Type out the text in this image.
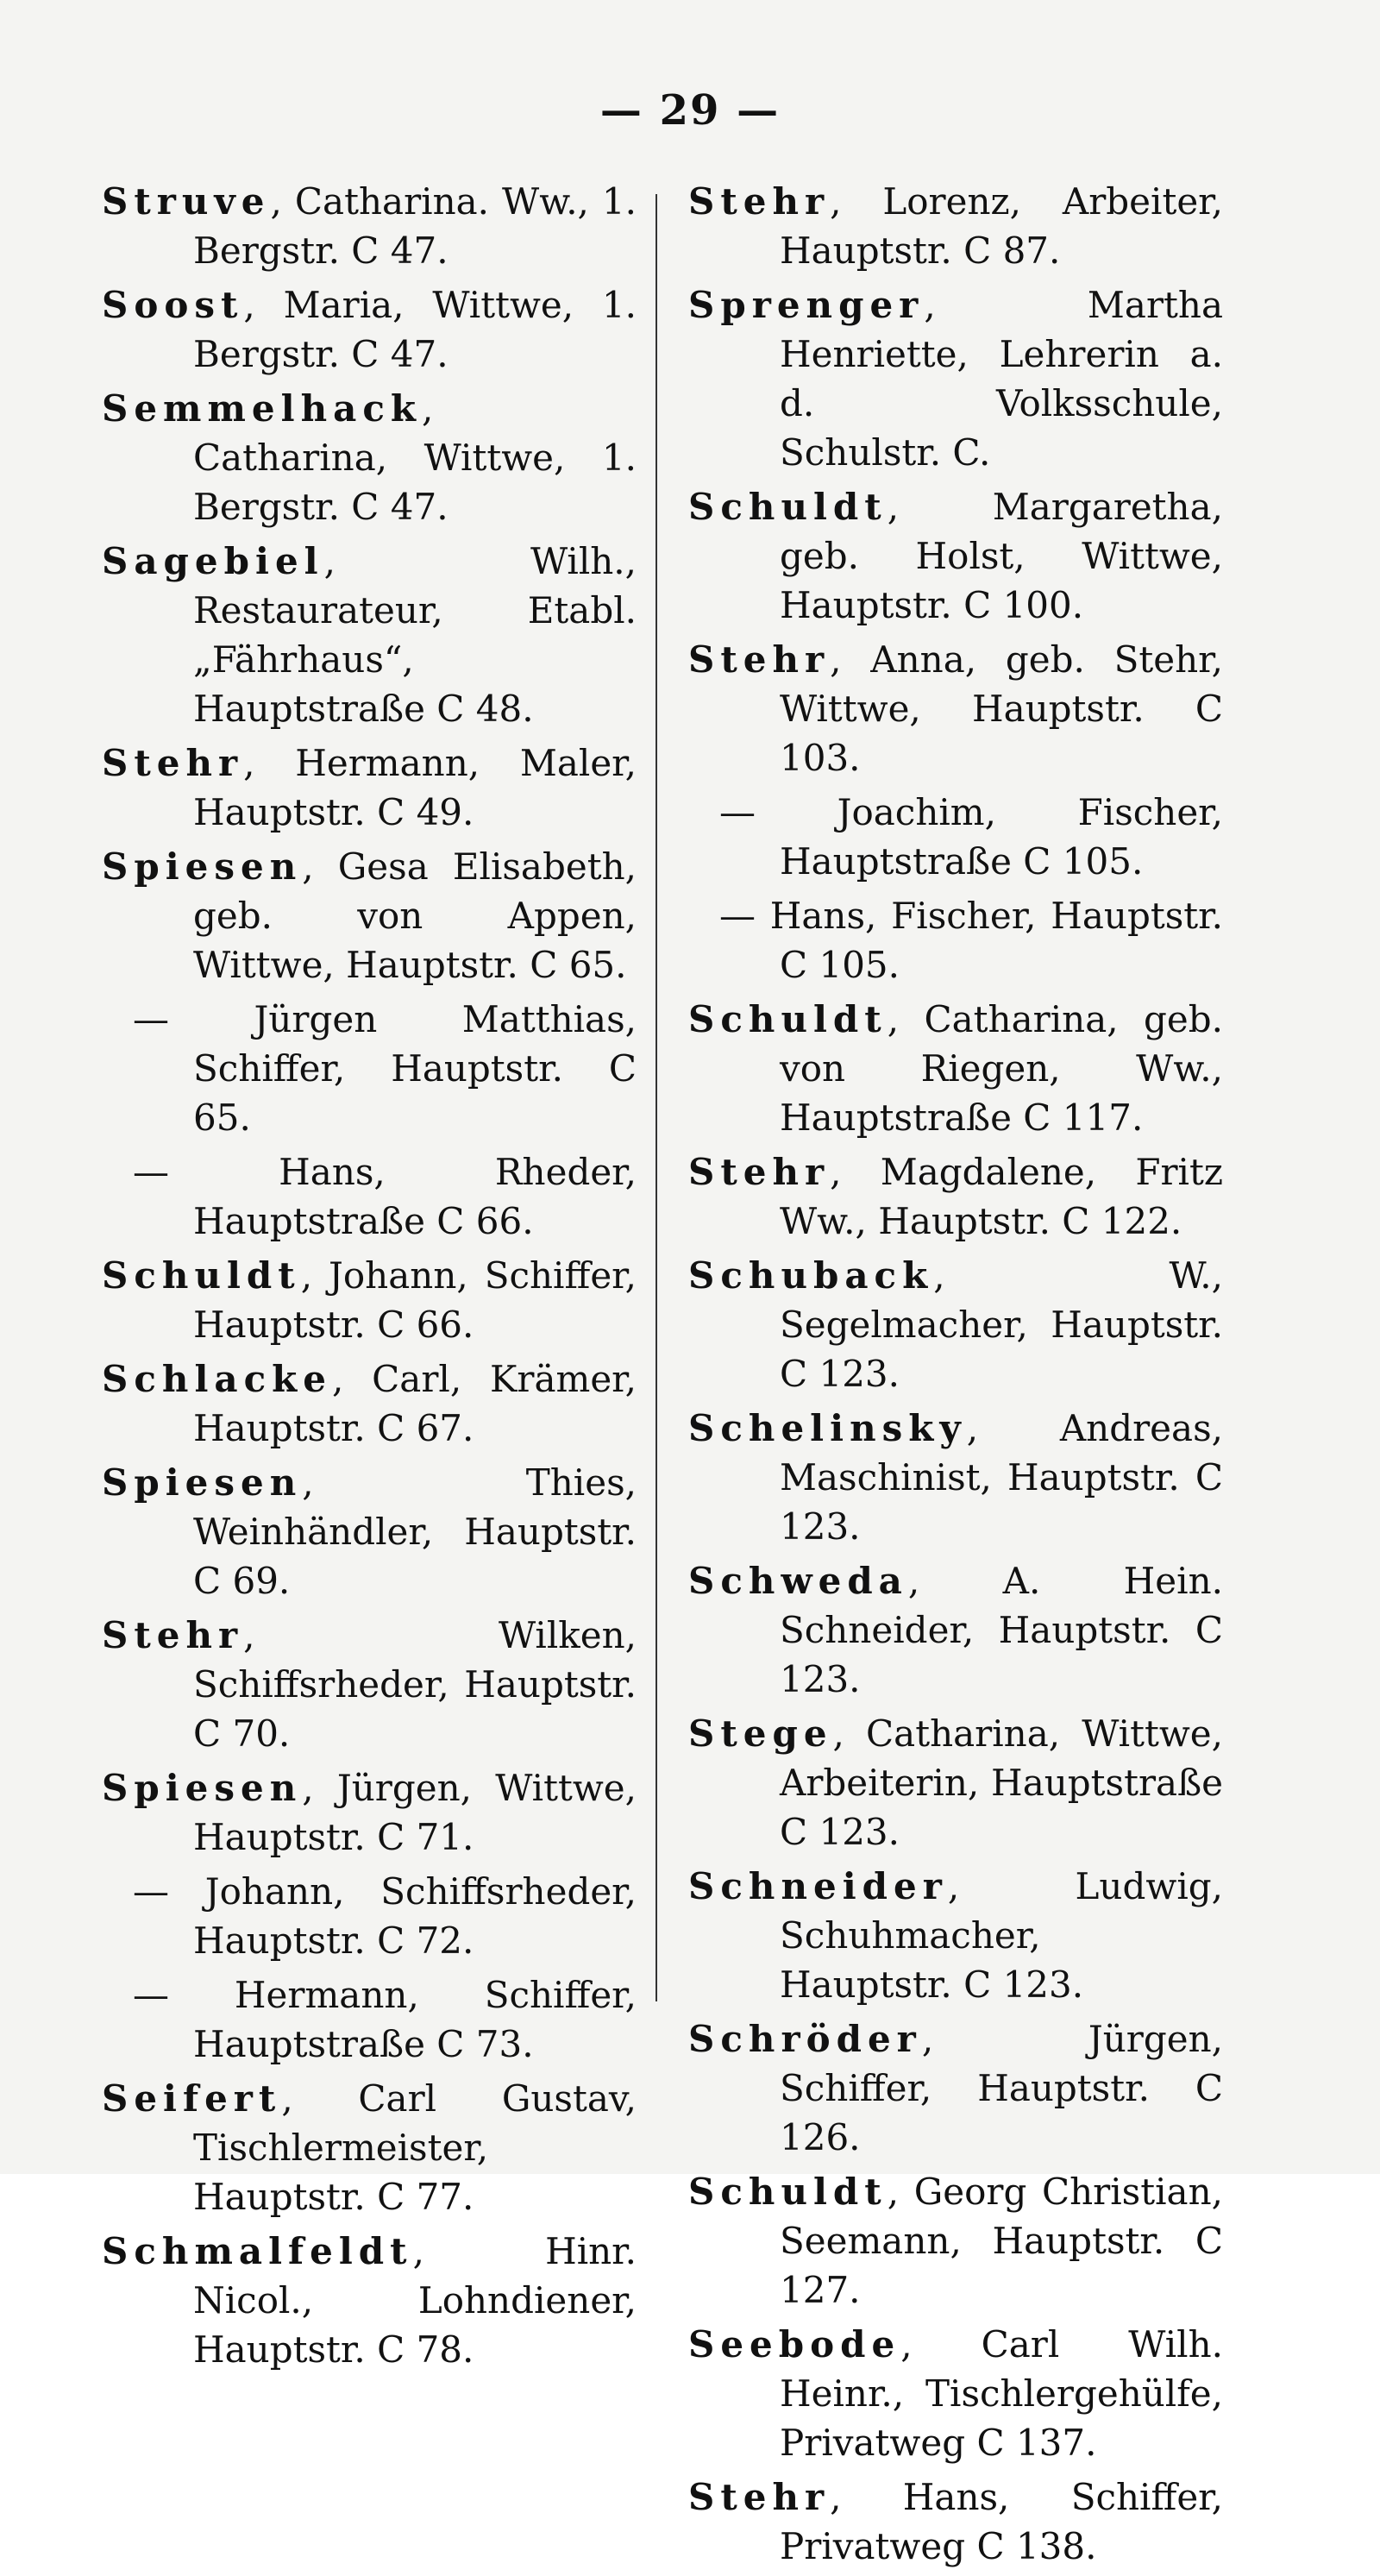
— 29 —

Struve, Catharina. Ww., 1. Bergstr. C 47.

Soost, Maria, Wittwe, 1. Bergstr. C 47.

Semmelhack, Catharina, Wittwe, 1. Bergstr. C 47.

Sagebiel, Wilh., Restaurateur, Etabl. „Fährhaus“, Hauptstraße C 48.

Stehr, Hermann, Maler, Hauptstr. C 49.

Spiesen, Gesa Elisabeth, geb. von Appen, Wittwe, Hauptstr. C 65.

— Jürgen Matthias, Schiffer, Hauptstr. C 65.

— Hans, Rheder, Hauptstraße C 66.

Schuldt, Johann, Schiffer, Hauptstr. C 66.

Schlacke, Carl, Krämer, Hauptstr. C 67.

Spiesen, Thies, Weinhändler, Hauptstr. C 69.

Stehr, Wilken, Schiffsrheder, Hauptstr. C 70.

Spiesen, Jürgen, Wittwe, Hauptstr. C 71.

— Johann, Schiffsrheder, Hauptstr. C 72.

— Hermann, Schiffer, Hauptstraße C 73.

Seifert, Carl Gustav, Tischlermeister, Hauptstr. C 77.

Schmalfeldt, Hinr. Nicol., Lohndiener, Hauptstr. C 78.

Stehr, Lorenz, Arbeiter, Hauptstr. C 87.

Sprenger, Martha Henriette, Lehrerin a. d. Volksschule, Schulstr. C.

Schuldt, Margaretha, geb. Holst, Wittwe, Hauptstr. C 100.

Stehr, Anna, geb. Stehr, Wittwe, Hauptstr. C 103.

— Joachim, Fischer, Hauptstraße C 105.

— Hans, Fischer, Hauptstr. C 105.

Schuldt, Catharina, geb. von Riegen, Ww., Hauptstraße C 117.

Stehr, Magdalene, Fritz Ww., Hauptstr. C 122.

Schuback, W., Segelmacher, Hauptstr. C 123.

Schelinsky, Andreas, Maschinist, Hauptstr. C 123.

Schweda, A. Hein. Schneider, Hauptstr. C 123.

Stege, Catharina, Wittwe, Arbeiterin, Hauptstraße C 123.

Schneider, Ludwig, Schuhmacher, Hauptstr. C 123.

Schröder, Jürgen, Schiffer, Hauptstr. C 126.

Schuldt, Georg Christian, Seemann, Hauptstr. C 127.

Seebode, Carl Wilh. Heinr., Tischlergehülfe, Privatweg C 137.

Stehr, Hans, Schiffer, Privatweg C 138.
